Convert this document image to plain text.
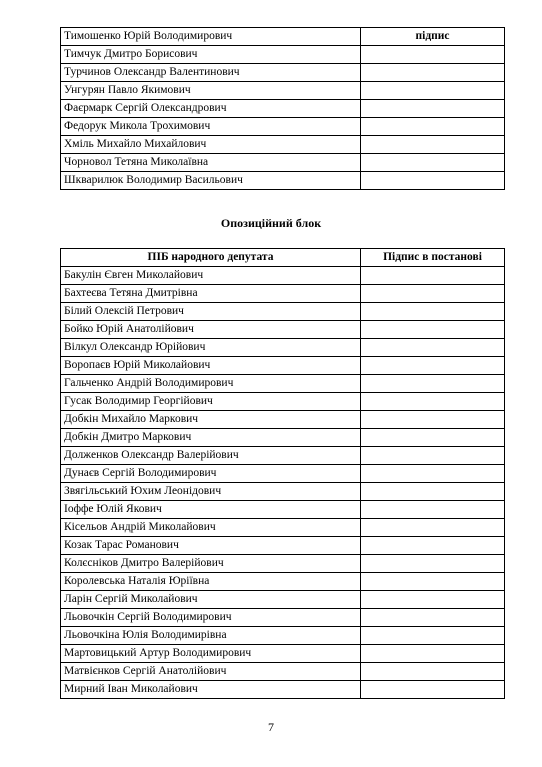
Тимошенко Юрій Володимирович	підпис
Тимчук Дмитро Борисович	
Турчинов Олександр Валентинович	
Унгурян Павло Якимович	
Фаєрмарк Сергій Олександрович	
Федорук Микола Трохимович	
Хміль Михайло Михайлович	
Чорновол Тетяна Миколаївна	
Шкварилюк Володимир Васильович	
Опозиційний блок
ПІБ народного депутата	Підпис в постанові
Бакулін Євген Миколайович	
Бахтеєва Тетяна Дмитрівна	
Білий Олексій Петрович	
Бойко Юрій Анатолійович	
Вілкул Олександр Юрійович	
Воропаєв Юрій Миколайович	
Гальченко Андрій Володимирович	
Гусак Володимир Георгійович	
Добкін Михайло Маркович	
Добкін Дмитро Маркович	
Долженков Олександр Валерійович	
Дунаєв Сергій Володимирович	
Звягільський Юхим Леонідович	
Іоффе Юлій Якович	
Кісельов Андрій Миколайович	
Козак Тарас Романович	
Колєсніков Дмитро Валерійович	
Королевська Наталія Юріївна	
Ларін Сергій Миколайович	
Льовочкін Сергій Володимирович	
Льовочкіна Юлія Володимирівна	
Мартовицький Артур Володимирович	
Матвієнков Сергій Анатолійович	
Мирний Іван Миколайович	
7
